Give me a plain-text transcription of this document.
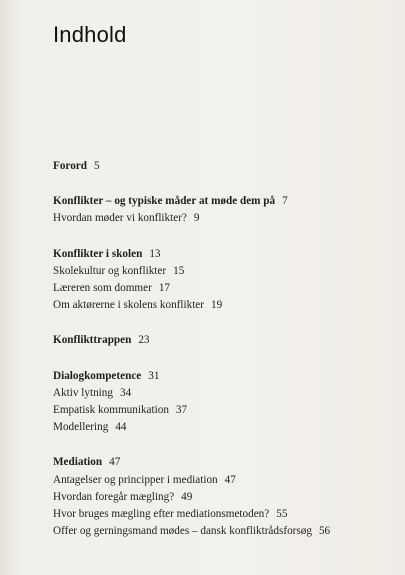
Indhold
Forord 5
Konflikter – og typiske måder at møde dem på 7
Hvordan møder vi konflikter? 9
Konflikter i skolen 13
Skolekultur og konflikter 15
Læreren som dommer 17
Om aktørerne i skolens konflikter 19
Konflikttrappen 23
Dialogkompetence 31
Aktiv lytning 34
Empatisk kommunikation 37
Modellering 44
Mediation 47
Antagelser og principper i mediation 47
Hvordan foregår mægling? 49
Hvor bruges mægling efter mediationsmetoden? 55
Offer og gerningsmand mødes – dansk konfliktrådsforsøg 56
